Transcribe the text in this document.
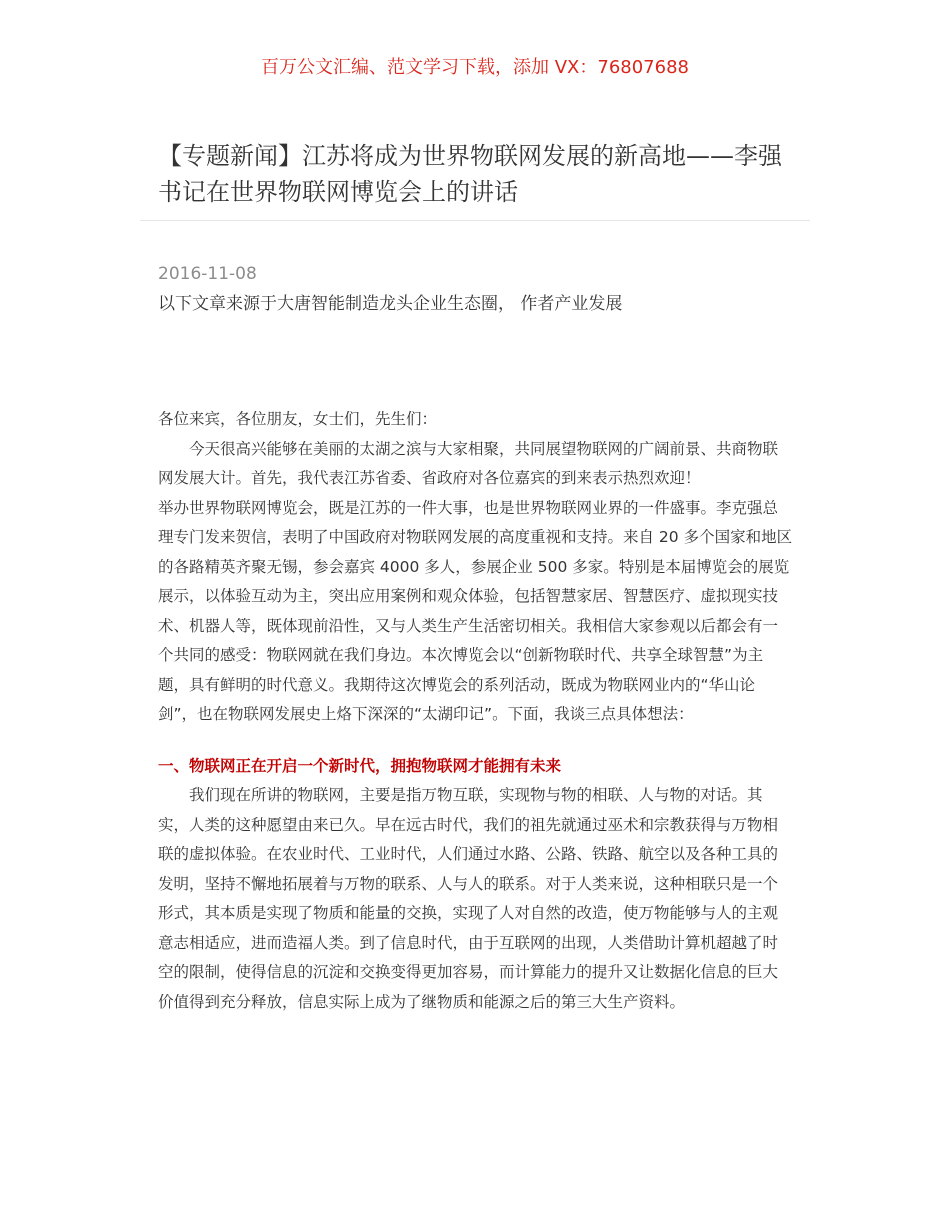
百万公文汇编、范文学习下载，添加 VX：76807688
【专题新闻】江苏将成为世界物联网发展的新高地——李强书记在世界物联网博览会上的讲话
2016-11-08
以下文章来源于大唐智能制造龙头企业生态圈， 作者产业发展

各位来宾，各位朋友，女士们，先生们：

今天很高兴能够在美丽的太湖之滨与大家相聚，共同展望物联网的广阔前景、共商物联网发展大计。首先，我代表江苏省委、省政府对各位嘉宾的到来表示热烈欢迎！

举办世界物联网博览会，既是江苏的一件大事，也是世界物联网业界的一件盛事。李克强总理专门发来贺信，表明了中国政府对物联网发展的高度重视和支持。来自 20 多个国家和地区的各路精英齐聚无锡，参会嘉宾 4000 多人，参展企业 500 多家。特别是本届博览会的展览展示，以体验互动为主，突出应用案例和观众体验，包括智慧家居、智慧医疗、虚拟现实技术、机器人等，既体现前沿性，又与人类生产生活密切相关。我相信大家参观以后都会有一个共同的感受：物联网就在我们身边。本次博览会以“创新物联时代、共享全球智慧”为主题，具有鲜明的时代意义。我期待这次博览会的系列活动，既成为物联网业内的“华山论剑”，也在物联网发展史上烙下深深的“太湖印记”。下面，我谈三点具体想法：

一、物联网正在开启一个新时代，拥抱物联网才能拥有未来

我们现在所讲的物联网，主要是指万物互联，实现物与物的相联、人与物的对话。其实，人类的这种愿望由来已久。早在远古时代，我们的祖先就通过巫术和宗教获得与万物相联的虚拟体验。在农业时代、工业时代，人们通过水路、公路、铁路、航空以及各种工具的发明，坚持不懈地拓展着与万物的联系、人与人的联系。对于人类来说，这种相联只是一个形式，其本质是实现了物质和能量的交换，实现了人对自然的改造，使万物能够与人的主观意志相适应，进而造福人类。到了信息时代，由于互联网的出现，人类借助计算机超越了时空的限制，使得信息的沉淀和交换变得更加容易，而计算能力的提升又让数据化信息的巨大价值得到充分释放，信息实际上成为了继物质和能源之后的第三大生产资料。
